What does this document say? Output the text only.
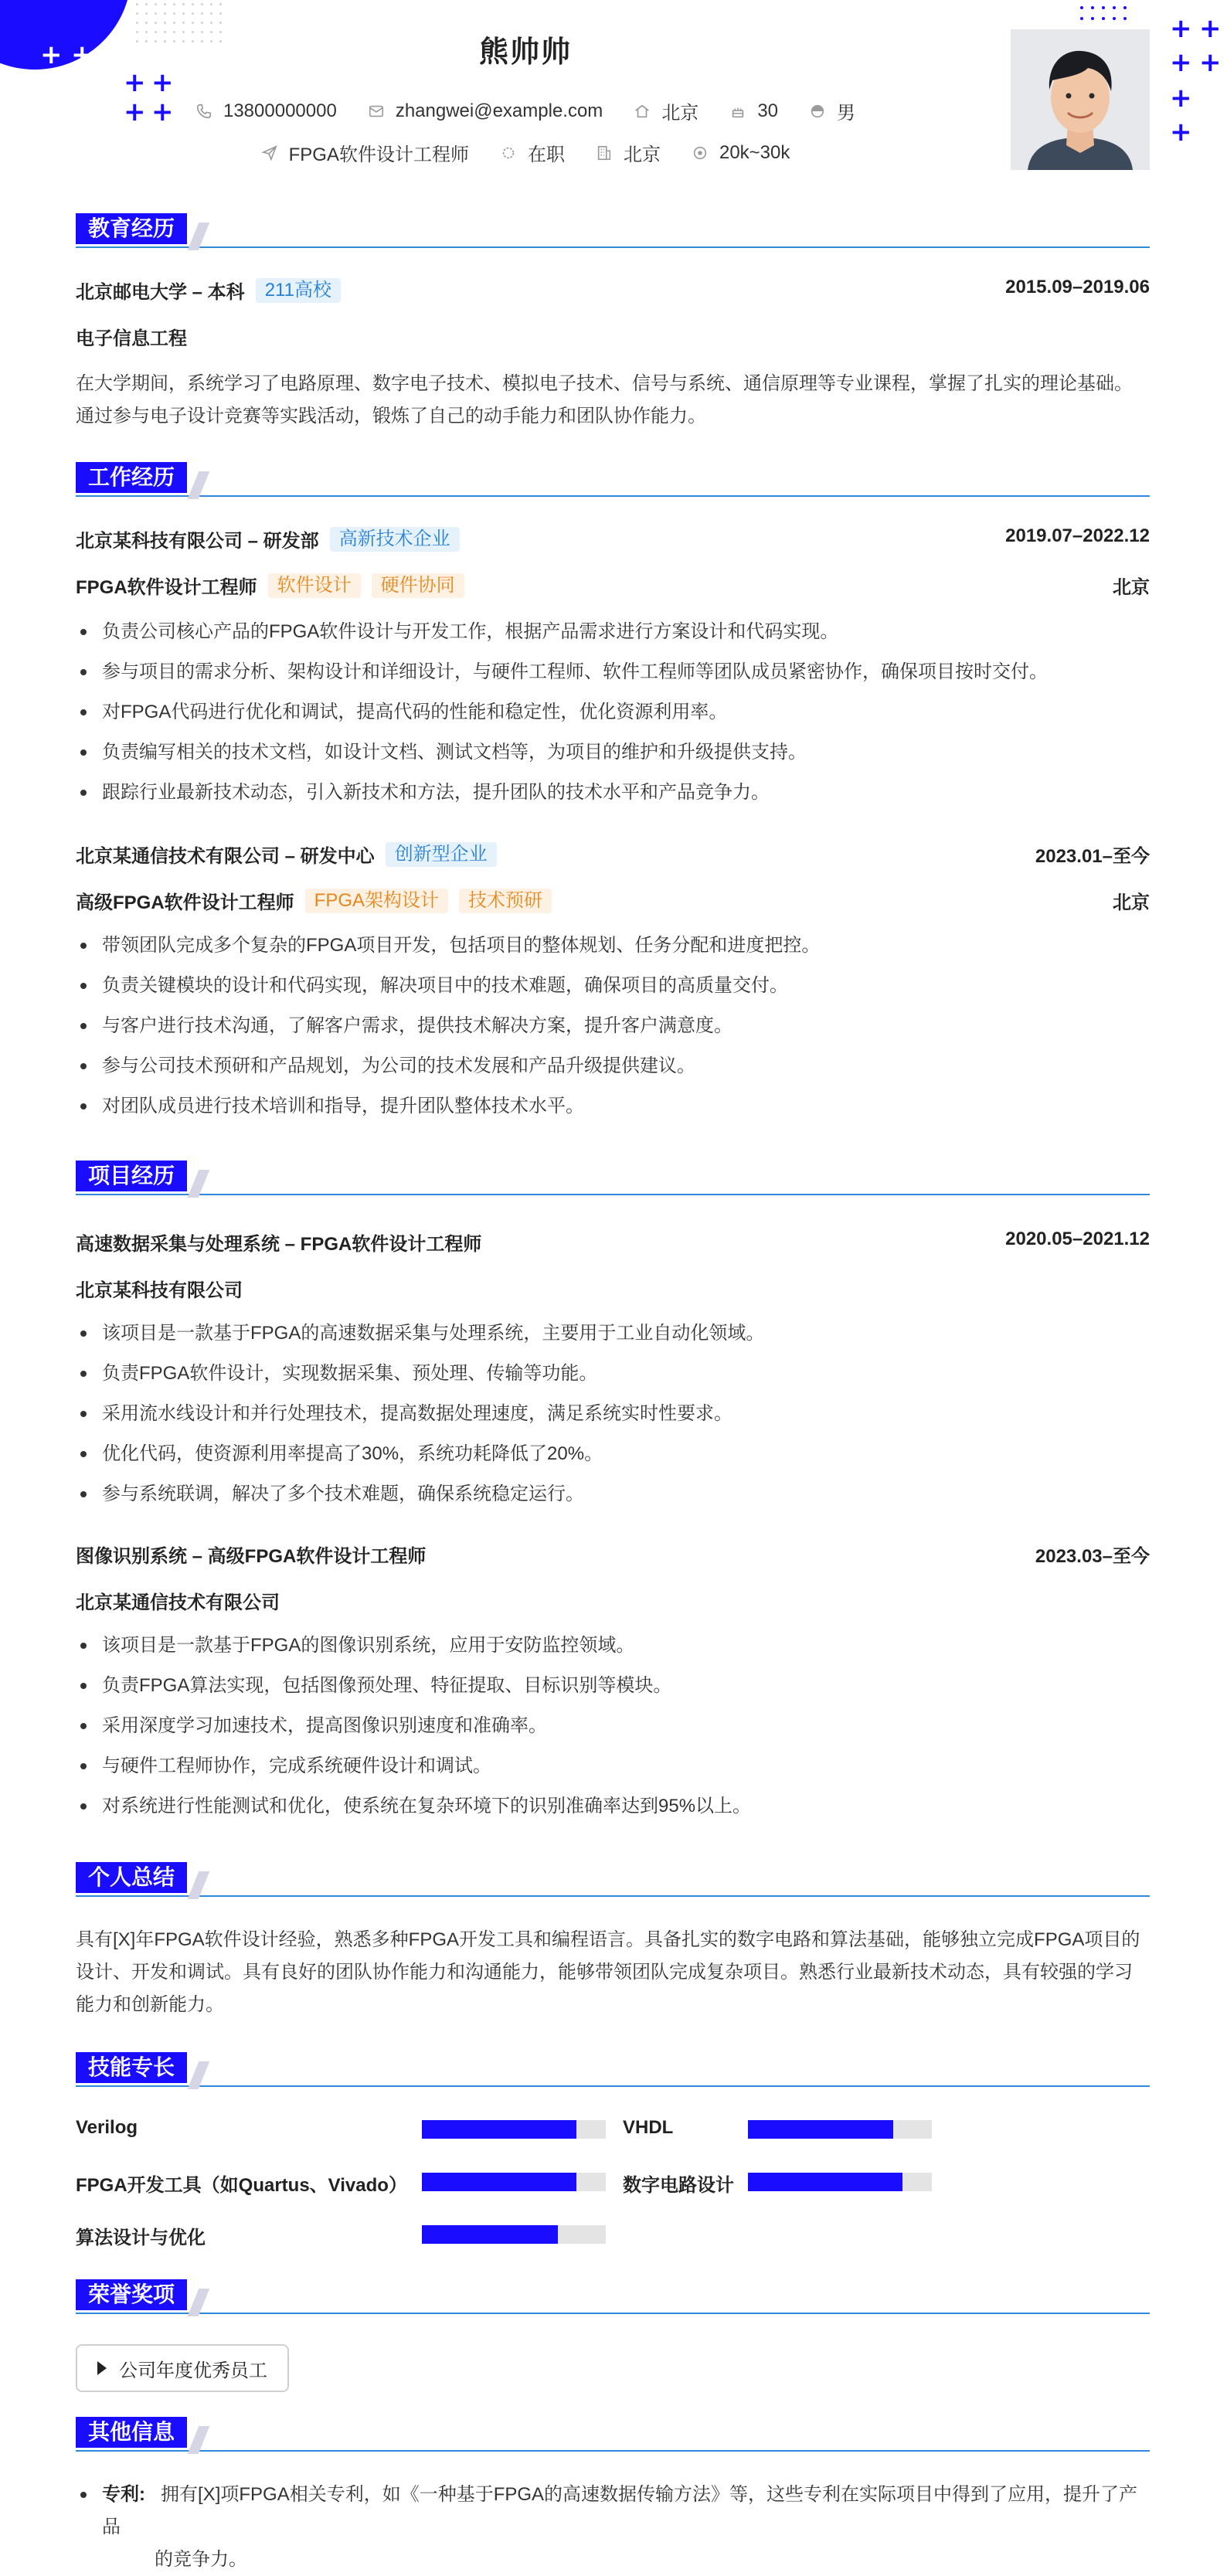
+ +
+ + + +
+ +
+ +
+ +
+
+
熊帅帅
13800000000	zhangwei@example.com	北京	30	男
FPGA软件设计工程师	在职	北京	20k~30k
教育经历
北京邮电大学 – 本科	211高校	2015.09–2019.06
电子信息工程
在大学期间，系统学习了电路原理、数字电子技术、模拟电子技术、信号与系统、通信原理等专业课程，掌握了扎实的理论基础。
通过参与电子设计竞赛等实践活动，锻炼了自己的动手能力和团队协作能力。
工作经历
北京某科技有限公司 – 研发部	高新技术企业	2019.07–2022.12
FPGA软件设计工程师	软件设计	硬件协同	北京
负责公司核心产品的FPGA软件设计与开发工作，根据产品需求进行方案设计和代码实现。
参与项目的需求分析、架构设计和详细设计，与硬件工程师、软件工程师等团队成员紧密协作，确保项目按时交付。
对FPGA代码进行优化和调试，提高代码的性能和稳定性，优化资源利用率。
负责编写相关的技术文档，如设计文档、测试文档等，为项目的维护和升级提供支持。
跟踪行业最新技术动态，引入新技术和方法，提升团队的技术水平和产品竞争力。
北京某通信技术有限公司 – 研发中心	创新型企业	2023.01–至今
高级FPGA软件设计工程师	FPGA架构设计	技术预研	北京
带领团队完成多个复杂的FPGA项目开发，包括项目的整体规划、任务分配和进度把控。
负责关键模块的设计和代码实现，解决项目中的技术难题，确保项目的高质量交付。
与客户进行技术沟通，了解客户需求，提供技术解决方案，提升客户满意度。
参与公司技术预研和产品规划，为公司的技术发展和产品升级提供建议。
对团队成员进行技术培训和指导，提升团队整体技术水平。
项目经历
高速数据采集与处理系统 – FPGA软件设计工程师	2020.05–2021.12
北京某科技有限公司
该项目是一款基于FPGA的高速数据采集与处理系统，主要用于工业自动化领域。
负责FPGA软件设计，实现数据采集、预处理、传输等功能。
采用流水线设计和并行处理技术，提高数据处理速度，满足系统实时性要求。
优化代码，使资源利用率提高了30%，系统功耗降低了20%。
参与系统联调，解决了多个技术难题，确保系统稳定运行。
图像识别系统 – 高级FPGA软件设计工程师	2023.03–至今
北京某通信技术有限公司
该项目是一款基于FPGA的图像识别系统，应用于安防监控领域。
负责FPGA算法实现，包括图像预处理、特征提取、目标识别等模块。
采用深度学习加速技术，提高图像识别速度和准确率。
与硬件工程师协作，完成系统硬件设计和调试。
对系统进行性能测试和优化，使系统在复杂环境下的识别准确率达到95%以上。
个人总结
具有[X]年FPGA软件设计经验，熟悉多种FPGA开发工具和编程语言。具备扎实的数字电路和算法基础，能够独立完成FPGA项目的
设计、开发和调试。具有良好的团队协作能力和沟通能力，能够带领团队完成复杂项目。熟悉行业最新技术动态，具有较强的学习
能力和创新能力。
技能专长
Verilog	VHDL
FPGA开发工具（如Quartus、Vivado）	数字电路设计
算法设计与优化
荣誉奖项
公司年度优秀员工
其他信息
专利: 拥有[X]项FPGA相关专利，如《一种基于FPGA的高速数据传输方法》等，这些专利在实际项目中得到了应用，提升了产品
的竞争力。
